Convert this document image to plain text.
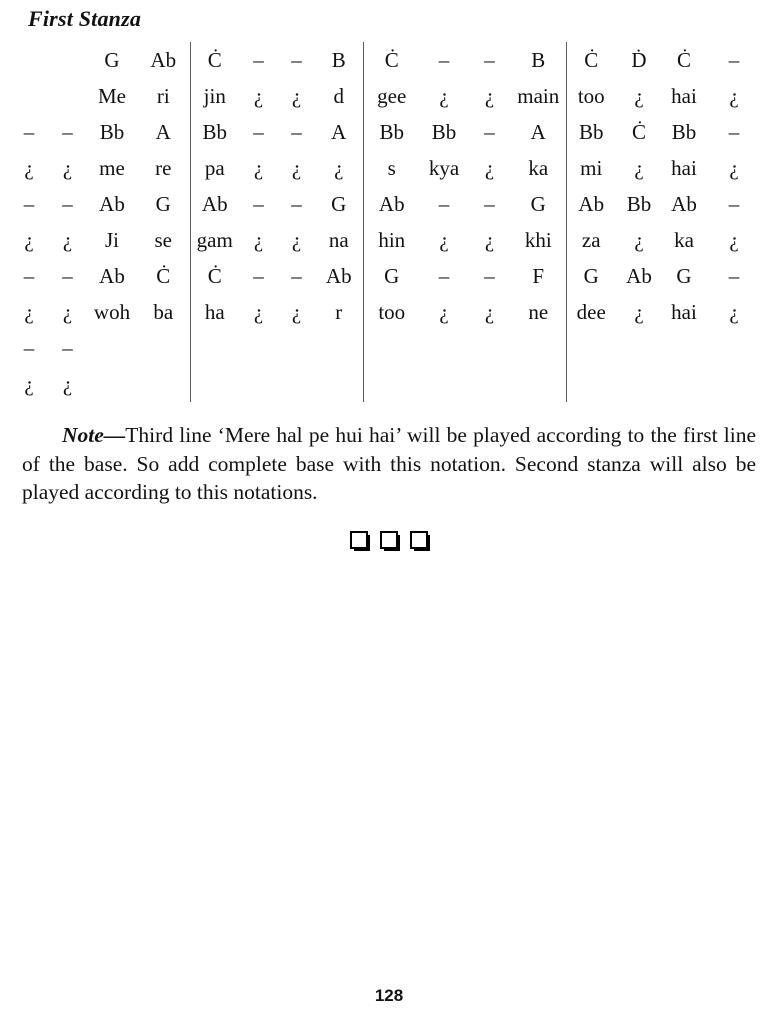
First Stanza
		G	Ab	Ċ	–	–	B	Ċ	–	–	B	Ċ	Ḋ	Ċ	–
		Me	ri	jin	¿	¿	d	gee	¿	¿	main	too	¿	hai	¿
–	–	Bb	A	Bb	–	–	A	Bb	Bb	–	A	Bb	Ċ	Bb	–
¿	¿	me	re	pa	¿	¿	¿	s	kya	¿	ka	mi	¿	hai	¿
–	–	Ab	G	Ab	–	–	G	Ab	–	–	G	Ab	Bb	Ab	–
¿	¿	Ji	se	gam	¿	¿	na	hin	¿	¿	khi	za	¿	ka	¿
–	–	Ab	Ċ	Ċ	–	–	Ab	G	–	–	F	G	Ab	G	–
¿	¿	woh	ba	ha	¿	¿	r	too	¿	¿	ne	dee	¿	hai	¿
–	–														
¿	¿														

Note—Third line ‘Mere hal pe hui hai’ will be played according to the first line of the base. So add complete base with this notation. Second stanza will also be played according to this notations.

128
